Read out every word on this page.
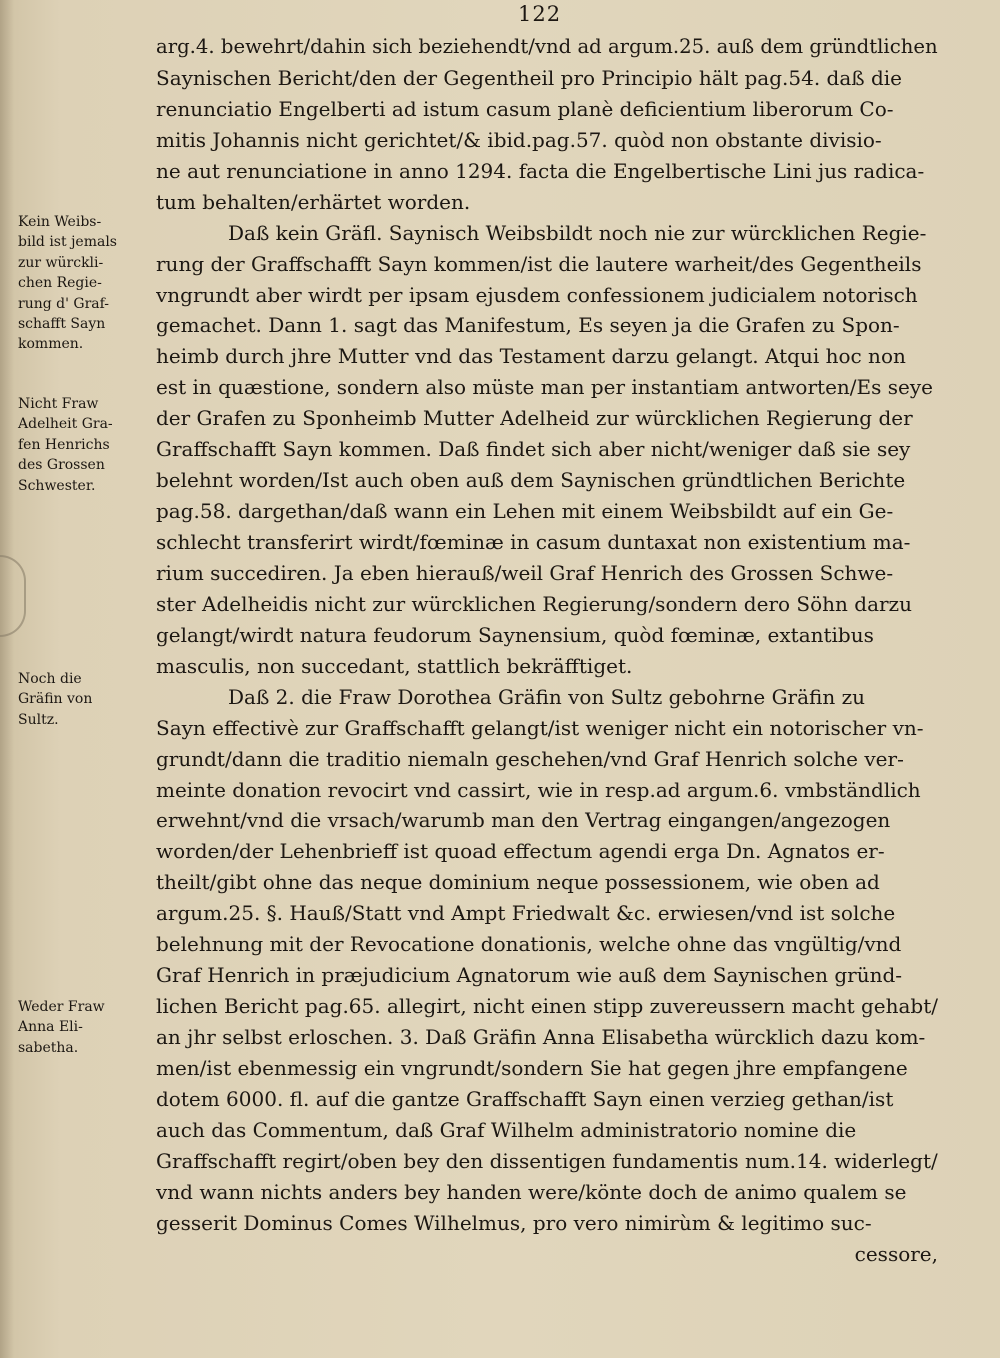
122
Kein Weibs-
bild ist jemals
zur würckli-
chen Regie-
rung d' Graf-
schafft Sayn
kommen.
Nicht Fraw
Adelheit Gra-
fen Henrichs
des Grossen
Schwester.
Noch die
Gräfin von
Sultz.
Weder Fraw
Anna Eli-
sabetha.
arg.4. bewehrt/dahin sich beziehendt/vnd ad argum.25. auß dem gründtlichen
Saynischen Bericht/den der Gegentheil pro Principio hält pag.54. daß die
renunciatio Engelberti ad istum casum planè deficientium liberorum Co-
mitis Johannis nicht gerichtet/& ibid.pag.57. quòd non obstante divisio-
ne aut renunciatione in anno 1294. facta die Engelbertische Lini jus radica-
tum behalten/erhärtet worden.
Daß kein Gräfl. Saynisch Weibsbildt noch nie zur würcklichen Regie-
rung der Graffschafft Sayn kommen/ist die lautere warheit/des Gegentheils
vngrundt aber wirdt per ipsam ejusdem confessionem judicialem notorisch
gemachet. Dann 1. sagt das Manifestum, Es seyen ja die Grafen zu Spon-
heimb durch jhre Mutter vnd das Testament darzu gelangt. Atqui hoc non
est in quæstione, sondern also müste man per instantiam antworten/Es seye
der Grafen zu Sponheimb Mutter Adelheid zur würcklichen Regierung der
Graffschafft Sayn kommen. Daß findet sich aber nicht/weniger daß sie sey
belehnt worden/Ist auch oben auß dem Saynischen gründtlichen Berichte
pag.58. dargethan/daß wann ein Lehen mit einem Weibsbildt auf ein Ge-
schlecht transferirt wirdt/fœminæ in casum duntaxat non existentium ma-
rium succediren. Ja eben hierauß/weil Graf Henrich des Grossen Schwe-
ster Adelheidis nicht zur würcklichen Regierung/sondern dero Söhn darzu
gelangt/wirdt natura feudorum Saynensium, quòd fœminæ, extantibus
masculis, non succedant, stattlich bekräfftiget.
Daß 2. die Fraw Dorothea Gräfin von Sultz gebohrne Gräfin zu
Sayn effectivè zur Graffschafft gelangt/ist weniger nicht ein notorischer vn-
grundt/dann die traditio niemaln geschehen/vnd Graf Henrich solche ver-
meinte donation revocirt vnd cassirt, wie in resp.ad argum.6. vmbständlich
erwehnt/vnd die vrsach/warumb man den Vertrag eingangen/angezogen
worden/der Lehenbrieff ist quoad effectum agendi erga Dn. Agnatos er-
theilt/gibt ohne das neque dominium neque possessionem, wie oben ad
argum.25. §. Hauß/Statt vnd Ampt Friedwalt &c. erwiesen/vnd ist solche
belehnung mit der Revocatione donationis, welche ohne das vngültig/vnd
Graf Henrich in præjudicium Agnatorum wie auß dem Saynischen gründ-
lichen Bericht pag.65. allegirt, nicht einen stipp zuvereussern macht gehabt/
an jhr selbst erloschen. 3. Daß Gräfin Anna Elisabetha würcklich dazu kom-
men/ist ebenmessig ein vngrundt/sondern Sie hat gegen jhre empfangene
dotem 6000. fl. auf die gantze Graffschafft Sayn einen verzieg gethan/ist
auch das Commentum, daß Graf Wilhelm administratorio nomine die
Graffschafft regirt/oben bey den dissentigen fundamentis num.14. widerlegt/
vnd wann nichts anders bey handen were/könte doch de animo qualem se
gesserit Dominus Comes Wilhelmus, pro vero nimirùm & legitimo suc-
cessore,
